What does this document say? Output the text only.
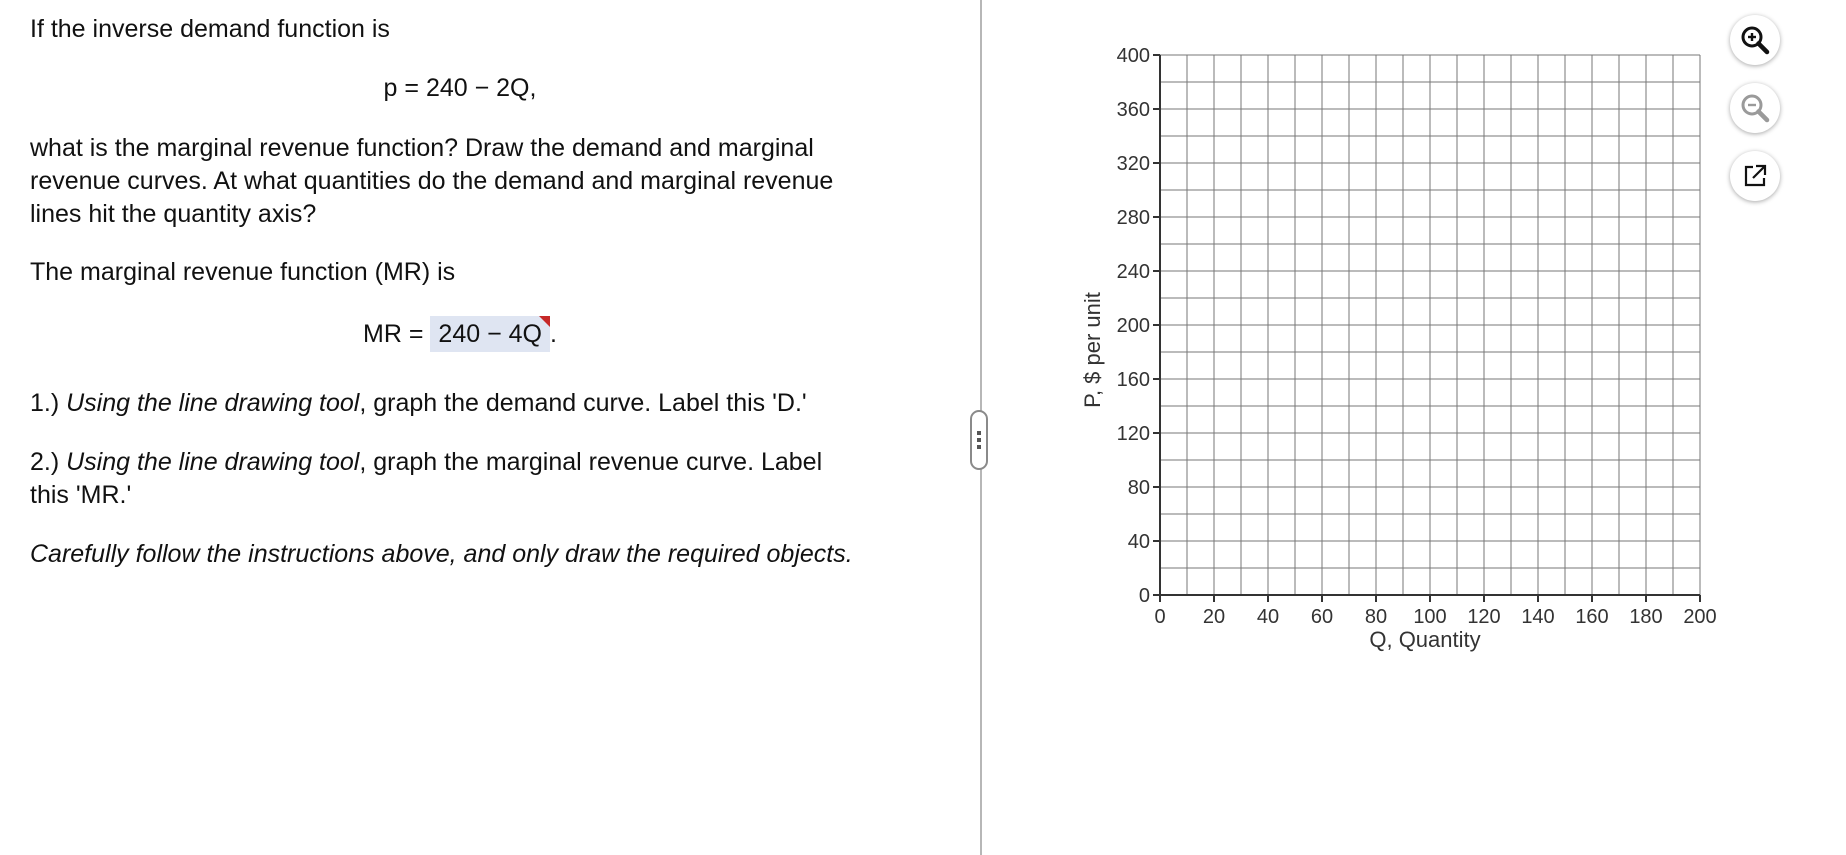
If the inverse demand function is

p = 240 − 2Q,

what is the marginal revenue function? Draw the demand and marginal

revenue curves. At what quantities do the demand and marginal revenue

lines hit the quantity axis?

The marginal revenue function (MR) is

MR = 240 − 4Q .

1.) Using the line drawing tool, graph the demand curve. Label this 'D.'

2.) Using the line drawing tool, graph the marginal revenue curve. Label

this 'MR.'

Carefully follow the instructions above, and only draw the required objects.

Q, Quantity
P, $ per unit
0 20 40 60 80 100 120 140 160 180 200
0
40
80
120
160
200
240
280
320
360
400
